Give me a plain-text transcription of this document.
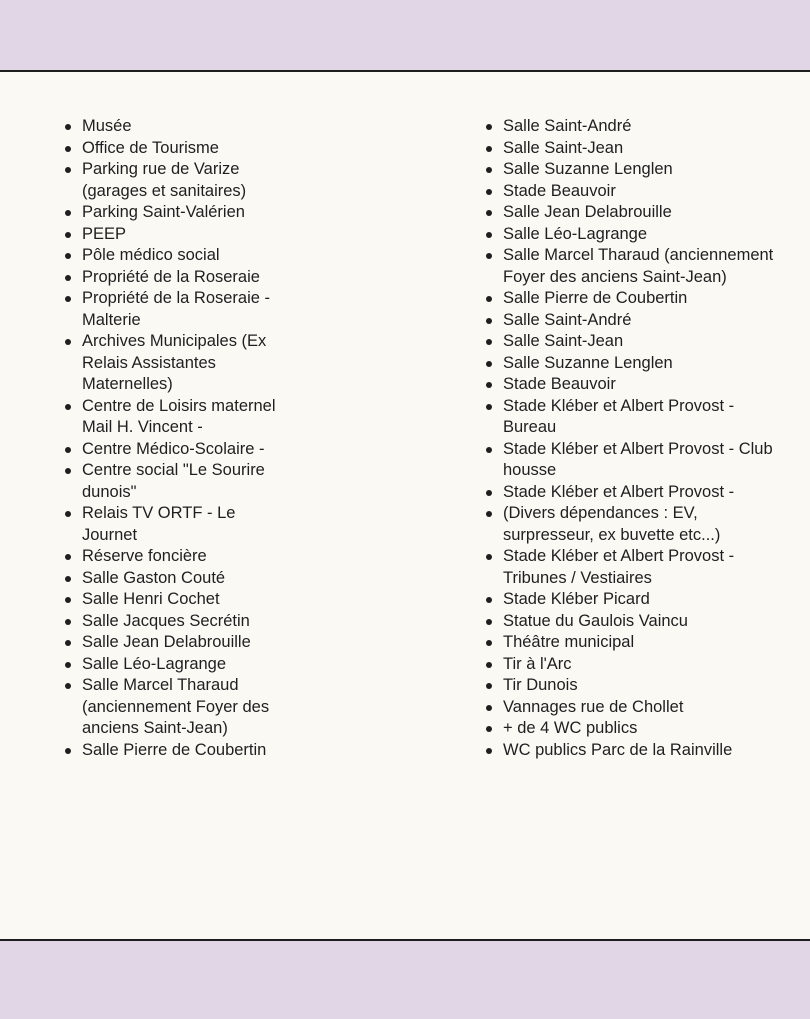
Musée
Office de Tourisme
Parking rue de Varize (garages et sanitaires)
Parking Saint-Valérien
PEEP
Pôle médico social
Propriété de la Roseraie
Propriété de la Roseraie - Malterie
Archives Municipales (Ex Relais Assistantes Maternelles)
Centre de Loisirs maternel Mail H. Vincent -
Centre Médico-Scolaire -
Centre social "Le Sourire dunois"
Relais TV ORTF - Le Journet
Réserve foncière
Salle Gaston Couté
Salle Henri Cochet
Salle Jacques Secrétin
Salle Jean Delabrouille
Salle Léo-Lagrange
Salle Marcel Tharaud (anciennement Foyer des anciens Saint-Jean)
Salle Pierre de Coubertin
Salle Saint-André
Salle Saint-Jean
Salle Suzanne Lenglen
Stade Beauvoir
Salle Jean Delabrouille
Salle Léo-Lagrange
Salle Marcel Tharaud (anciennement Foyer des anciens Saint-Jean)
Salle Pierre de Coubertin
Salle Saint-André
Salle Saint-Jean
Salle Suzanne Lenglen
Stade Beauvoir
Stade Kléber et Albert Provost - Bureau
Stade Kléber et Albert Provost - Club housse
Stade Kléber et Albert Provost -
(Divers dépendances : EV, surpresseur, ex buvette etc...)
Stade Kléber et Albert Provost - Tribunes / Vestiaires
Stade Kléber Picard
Statue du Gaulois Vaincu
Théâtre municipal
Tir à l'Arc
Tir Dunois
Vannages rue de Chollet
+ de 4 WC publics
WC publics Parc de la Rainville
